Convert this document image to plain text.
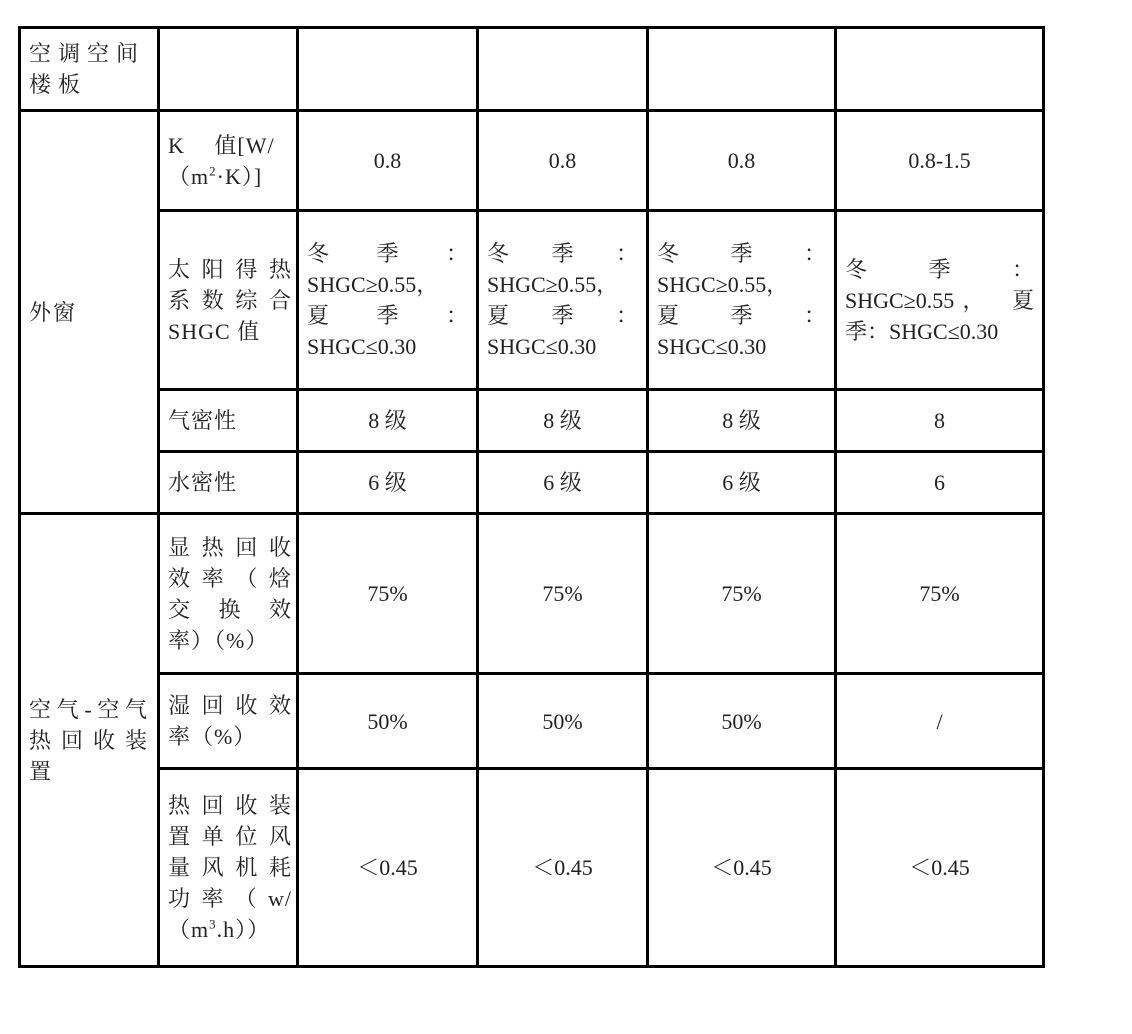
空调空间楼板					
外窗	K　 值[W/
$(m^2\cdot K)$]	0.8	0.8	0.8	0.8-1.5

	太阳得热
系数综合
SHGC 值	冬　季　：
SHGC≥0.55，
夏　季　：
SHGC≤0.30	冬　季　：
SHGC≥0.55，
夏　季　：
SHGC≤0.30	冬　季　：
SHGC≥0.55，
夏　季　：
SHGC≤0.30	冬　　季　　：
SHGC≥0.55，　夏
季：SHGC≤0.30

	气密性	8 级	8 级	8 级	8
	水密性	6 级	6 级	6 级	6

空气-空气
热回收装
置	显热回收
效率（焓
交换效
率）（%）	75%	75%	75%	75%

	湿回收效
率（%）	50%	50%	50%	/

	热回收装
置单位风
量风机耗
功率（w/
$(m^3.h)$）	＜0.45	＜0.45	＜0.45	＜0.45
